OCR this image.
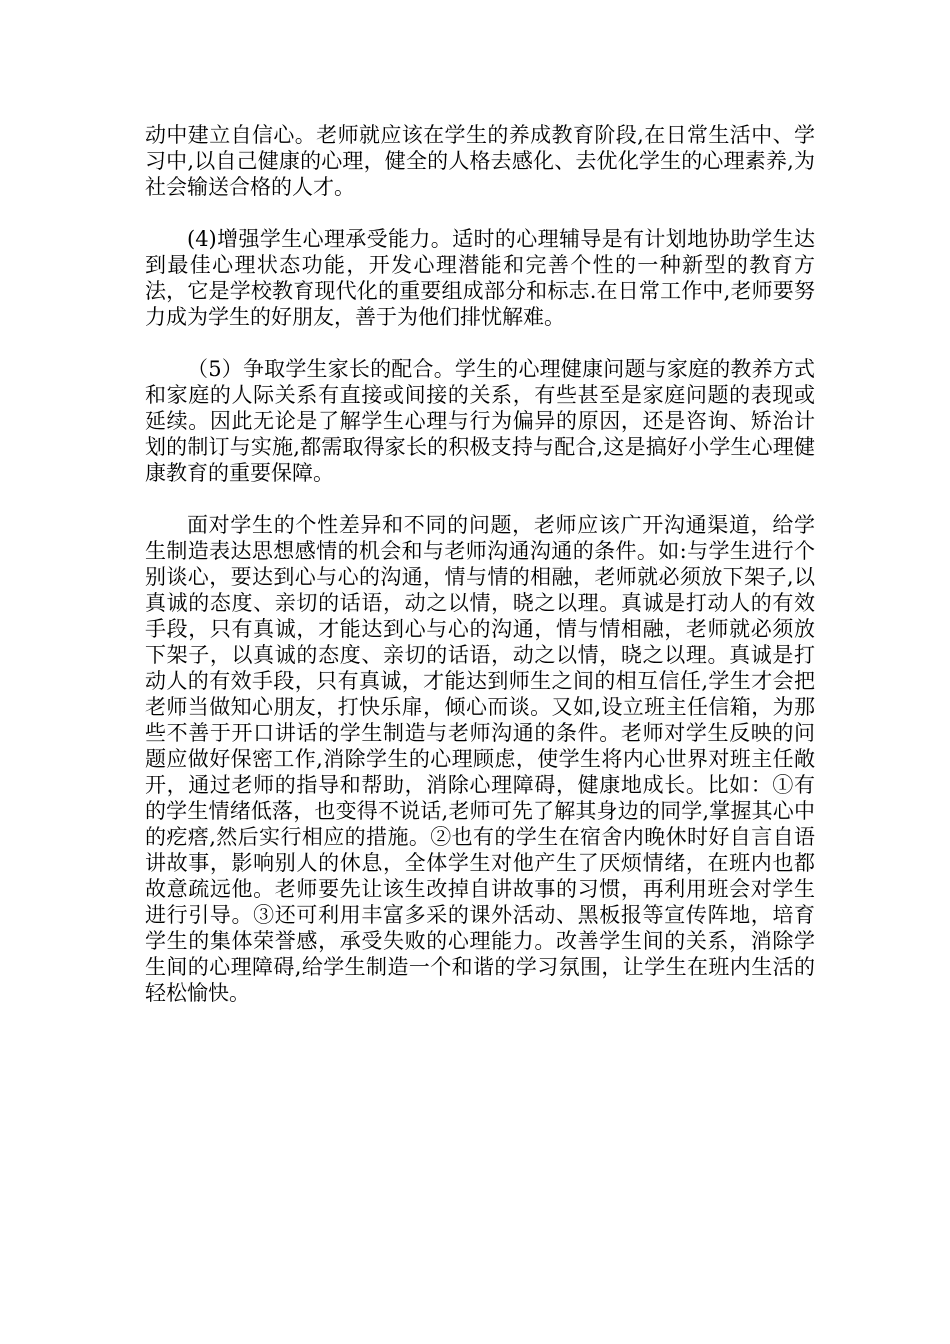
动中建立自信心。老师就应该在学生的养成教育阶段,在日常生活中、学习中,以自己健康的心理，健全的人格去感化、去优化学生的心理素养,为社会输送合格的人才。

(4)增强学生心理承受能力。适时的心理辅导是有计划地协助学生达到最佳心理状态功能，开发心理潜能和完善个性的一种新型的教育方法，它是学校教育现代化的重要组成部分和标志.在日常工作中,老师要努力成为学生的好朋友，善于为他们排忧解难。

（5）争取学生家长的配合。学生的心理健康问题与家庭的教养方式和家庭的人际关系有直接或间接的关系，有些甚至是家庭问题的表现或延续。因此无论是了解学生心理与行为偏异的原因，还是咨询、矫治计划的制订与实施,都需取得家长的积极支持与配合,这是搞好小学生心理健康教育的重要保障。

面对学生的个性差异和不同的问题，老师应该广开沟通渠道，给学生制造表达思想感情的机会和与老师沟通沟通的条件。如:与学生进行个别谈心，要达到心与心的沟通，情与情的相融，老师就必须放下架子,以真诚的态度、亲切的话语，动之以情，晓之以理。真诚是打动人的有效手段，只有真诚，才能达到心与心的沟通，情与情相融，老师就必须放下架子，以真诚的态度、亲切的话语，动之以情，晓之以理。真诚是打动人的有效手段，只有真诚，才能达到师生之间的相互信任,学生才会把老师当做知心朋友，打快乐扉，倾心而谈。又如,设立班主任信箱，为那些不善于开口讲话的学生制造与老师沟通的条件。老师对学生反映的问题应做好保密工作,消除学生的心理顾虑，使学生将内心世界对班主任敞开，通过老师的指导和帮助，消除心理障碍，健康地成长。比如：①有的学生情绪低落，也变得不说话,老师可先了解其身边的同学,掌握其心中的疙瘩,然后实行相应的措施。②也有的学生在宿舍内晚休时好自言自语讲故事，影响别人的休息，全体学生对他产生了厌烦情绪，在班内也都故意疏远他。老师要先让该生改掉自讲故事的习惯，再利用班会对学生进行引导。③还可利用丰富多采的课外活动、黑板报等宣传阵地，培育学生的集体荣誉感，承受失败的心理能力。改善学生间的关系，消除学生间的心理障碍,给学生制造一个和谐的学习氛围，让学生在班内生活的轻松愉快。
